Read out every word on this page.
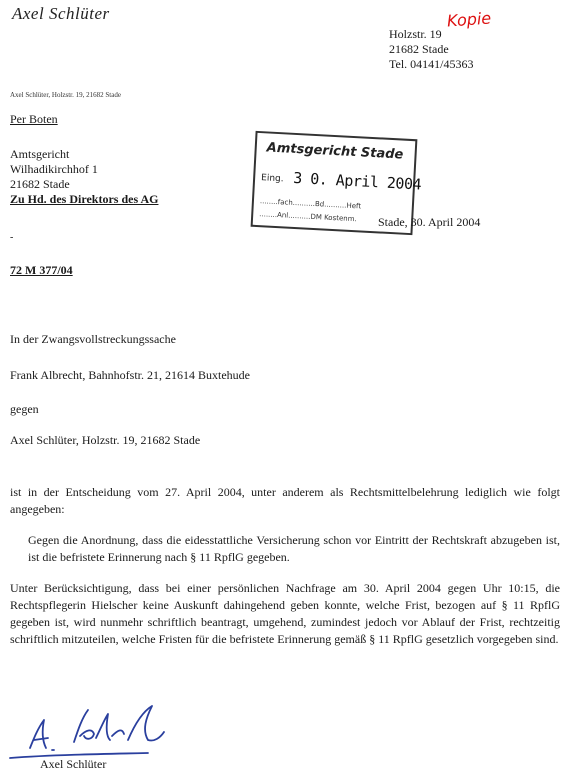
Axel Schlüter	Kopie
Holzstr. 19
21682 Stade
Tel. 04141/45363
Axel Schlüter, Holzstr. 19, 21682 Stade
Per Boten
Amtsgericht
Wilhadikirchhof 1
21682 Stade
Zu Hd. des Direktors des AG
Amtsgericht Stade
Eing. 3 0. April 2004
........fach..........Bd..........Heft
........Anl..........DM Kostenm. Stade, 30. April 2004
-
72 M 377/04
In der Zwangsvollstreckungssache
Frank Albrecht, Bahnhofstr. 21, 21614 Buxtehude
gegen
Axel Schlüter, Holzstr. 19, 21682 Stade
ist in der Entscheidung vom 27. April 2004, unter anderem als Rechtsmittelbelehrung lediglich wie folgt angegeben:
Gegen die Anordnung, dass die eidesstattliche Versicherung schon vor Eintritt der Rechtskraft abzugeben ist, ist die befristete Erinnerung nach § 11 RpflG gegeben.
Unter Berücksichtigung, dass bei einer persönlichen Nachfrage am 30. April 2004 gegen Uhr 10:15, die Rechtspflegerin Hielscher keine Auskunft dahingehend geben konnte, welche Frist, bezogen auf § 11 RpflG gegeben ist, wird nunmehr schriftlich beantragt, umgehend, zumindest jedoch vor Ablauf der Frist, rechtzeitig schriftlich mitzuteilen, welche Fristen für die befristete Erinnerung gemäß § 11 RpflG gesetzlich vorgegeben sind.
Axel Schlüter
